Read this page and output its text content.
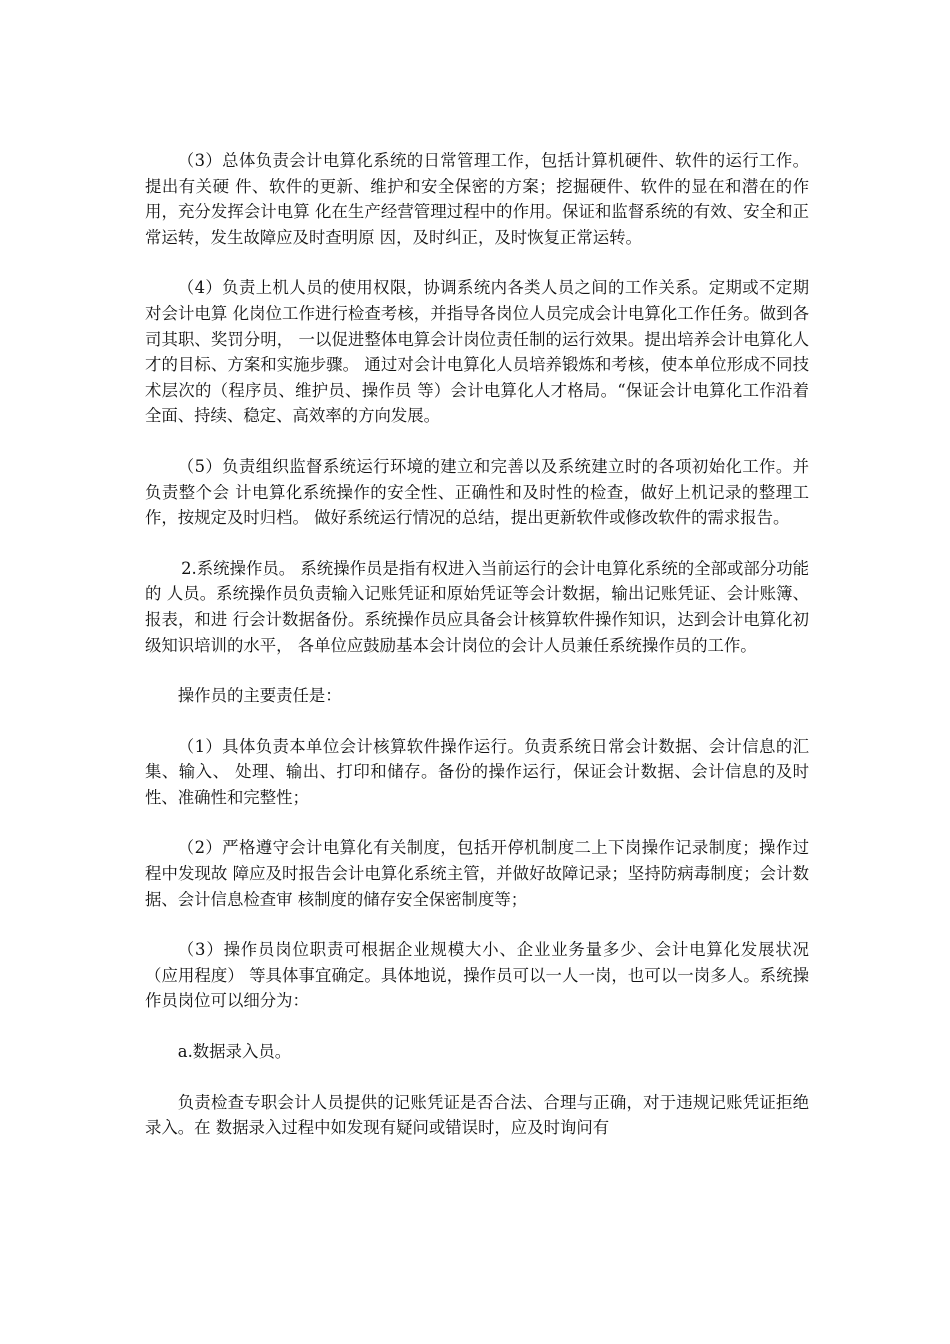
（3）总体负责会计电算化系统的日常管理工作，包括计算机硬件、软件的运行工作。提出有关硬 件、软件的更新、维护和安全保密的方案；挖掘硬件、软件的显在和潜在的作用，充分发挥会计电算 化在生产经营管理过程中的作用。保证和监督系统的有效、安全和正常运转，发生故障应及时查明原 因，及时纠正，及时恢复正常运转。

（4）负责上机人员的使用权限，协调系统内各类人员之间的工作关系。定期或不定期对会计电算 化岗位工作进行检查考核，并指导各岗位人员完成会计电算化工作任务。做到各司其职、奖罚分明， 一以促进整体电算会计岗位责任制的运行效果。提出培养会计电算化人才的目标、方案和实施步骤。 通过对会计电算化人员培养锻炼和考核，使本单位形成不同技术层次的（程序员、维护员、操作员 等）会计电算化人才格局。“保证会计电算化工作沿着全面、持续、稳定、高效率的方向发展。

（5）负责组织监督系统运行环境的建立和完善以及系统建立时的各项初始化工作。并负责整个会 计电算化系统操作的安全性、正确性和及时性的检查，做好上机记录的整理工作，按规定及时归档。 做好系统运行情况的总结，提出更新软件或修改软件的需求报告。

2.系统操作员。 系统操作员是指有权进入当前运行的会计电算化系统的全部或部分功能的 人员。系统操作员负责输入记账凭证和原始凭证等会计数据，输出记账凭证、会计账簿、报表，和进 行会计数据备份。系统操作员应具备会计核算软件操作知识，达到会计电算化初级知识培训的水平， 各单位应鼓励基本会计岗位的会计人员兼任系统操作员的工作。

操作员的主要责任是：

（1）具体负责本单位会计核算软件操作运行。负责系统日常会计数据、会计信息的汇集、输入、 处理、输出、打印和储存。备份的操作运行，保证会计数据、会计信息的及时性、准确性和完整性；

（2）严格遵守会计电算化有关制度，包括开停机制度二上下岗操作记录制度；操作过程中发现故 障应及时报告会计电算化系统主管，并做好故障记录；坚持防病毒制度；会计数据、会计信息检查审 核制度的储存安全保密制度等；

（3）操作员岗位职责可根据企业规模大小、企业业务量多少、会计电算化发展状况（应用程度） 等具体事宜确定。具体地说，操作员可以一人一岗，也可以一岗多人。系统操作员岗位可以细分为：

a.数据录入员。

负责检查专职会计人员提供的记账凭证是否合法、合理与正确，对于违规记账凭证拒绝录入。在 数据录入过程中如发现有疑问或错误时，应及时询问有
